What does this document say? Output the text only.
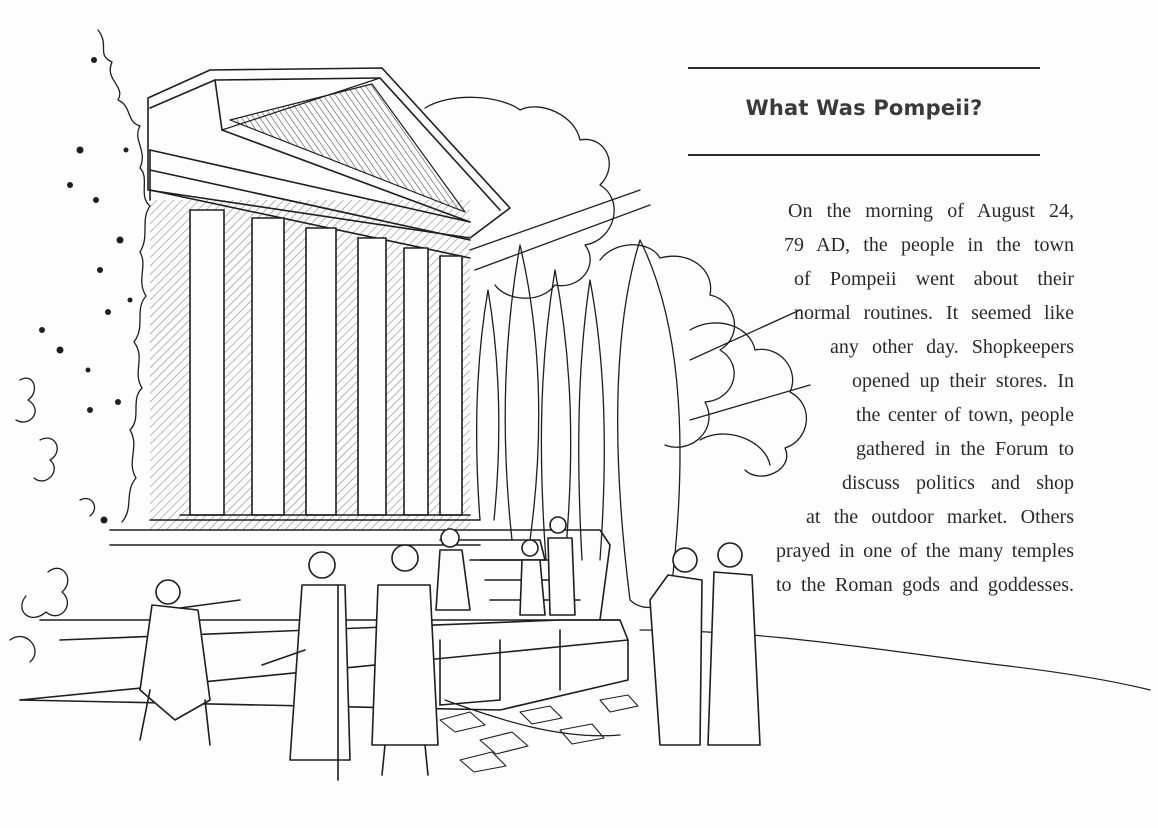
What Was Pompeii?
On the morning of August 24,
79 AD, the people in the town
of Pompeii went about their
normal routines. It seemed like
any other day. Shopkeepers
opened up their stores. In
the center of town, people
gathered in the Forum to
discuss politics and shop
at the outdoor market. Others
prayed in one of the many temples
to the Roman gods and goddesses.
